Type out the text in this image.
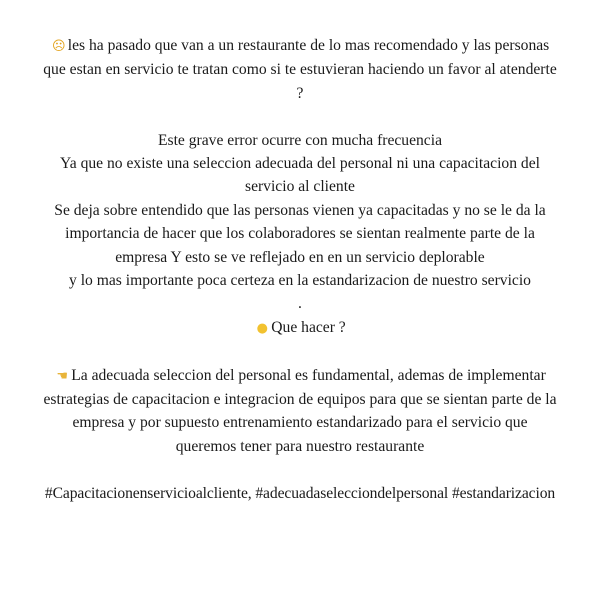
☹ les ha pasado que van a un restaurante de lo mas recomendado y las personas

que estan en servicio te tratan como si te estuvieran haciendo un favor al atenderte

?

Este grave error ocurre con mucha frecuencia

Ya que no existe una seleccion adecuada del personal ni una capacitacion del

servicio al cliente

Se deja sobre entendido que las personas vienen ya capacitadas y no se le da la

importancia de hacer que los colaboradores se sientan realmente parte de la

empresa Y esto se ve reflejado en en un servicio deplorable

y lo mas importante poca certeza en la estandarizacion de nuestro servicio

.

● Que hacer ?

☚ La adecuada seleccion del personal es fundamental, ademas de implementar

estrategias de capacitacion e integracion de equipos para que se sientan parte de la

empresa y por supuesto entrenamiento estandarizado para el servicio que

queremos tener para nuestro restaurante

#Capacitacionenservicioalcliente, #adecuadaselecciondelpersonal #estandarizacion
